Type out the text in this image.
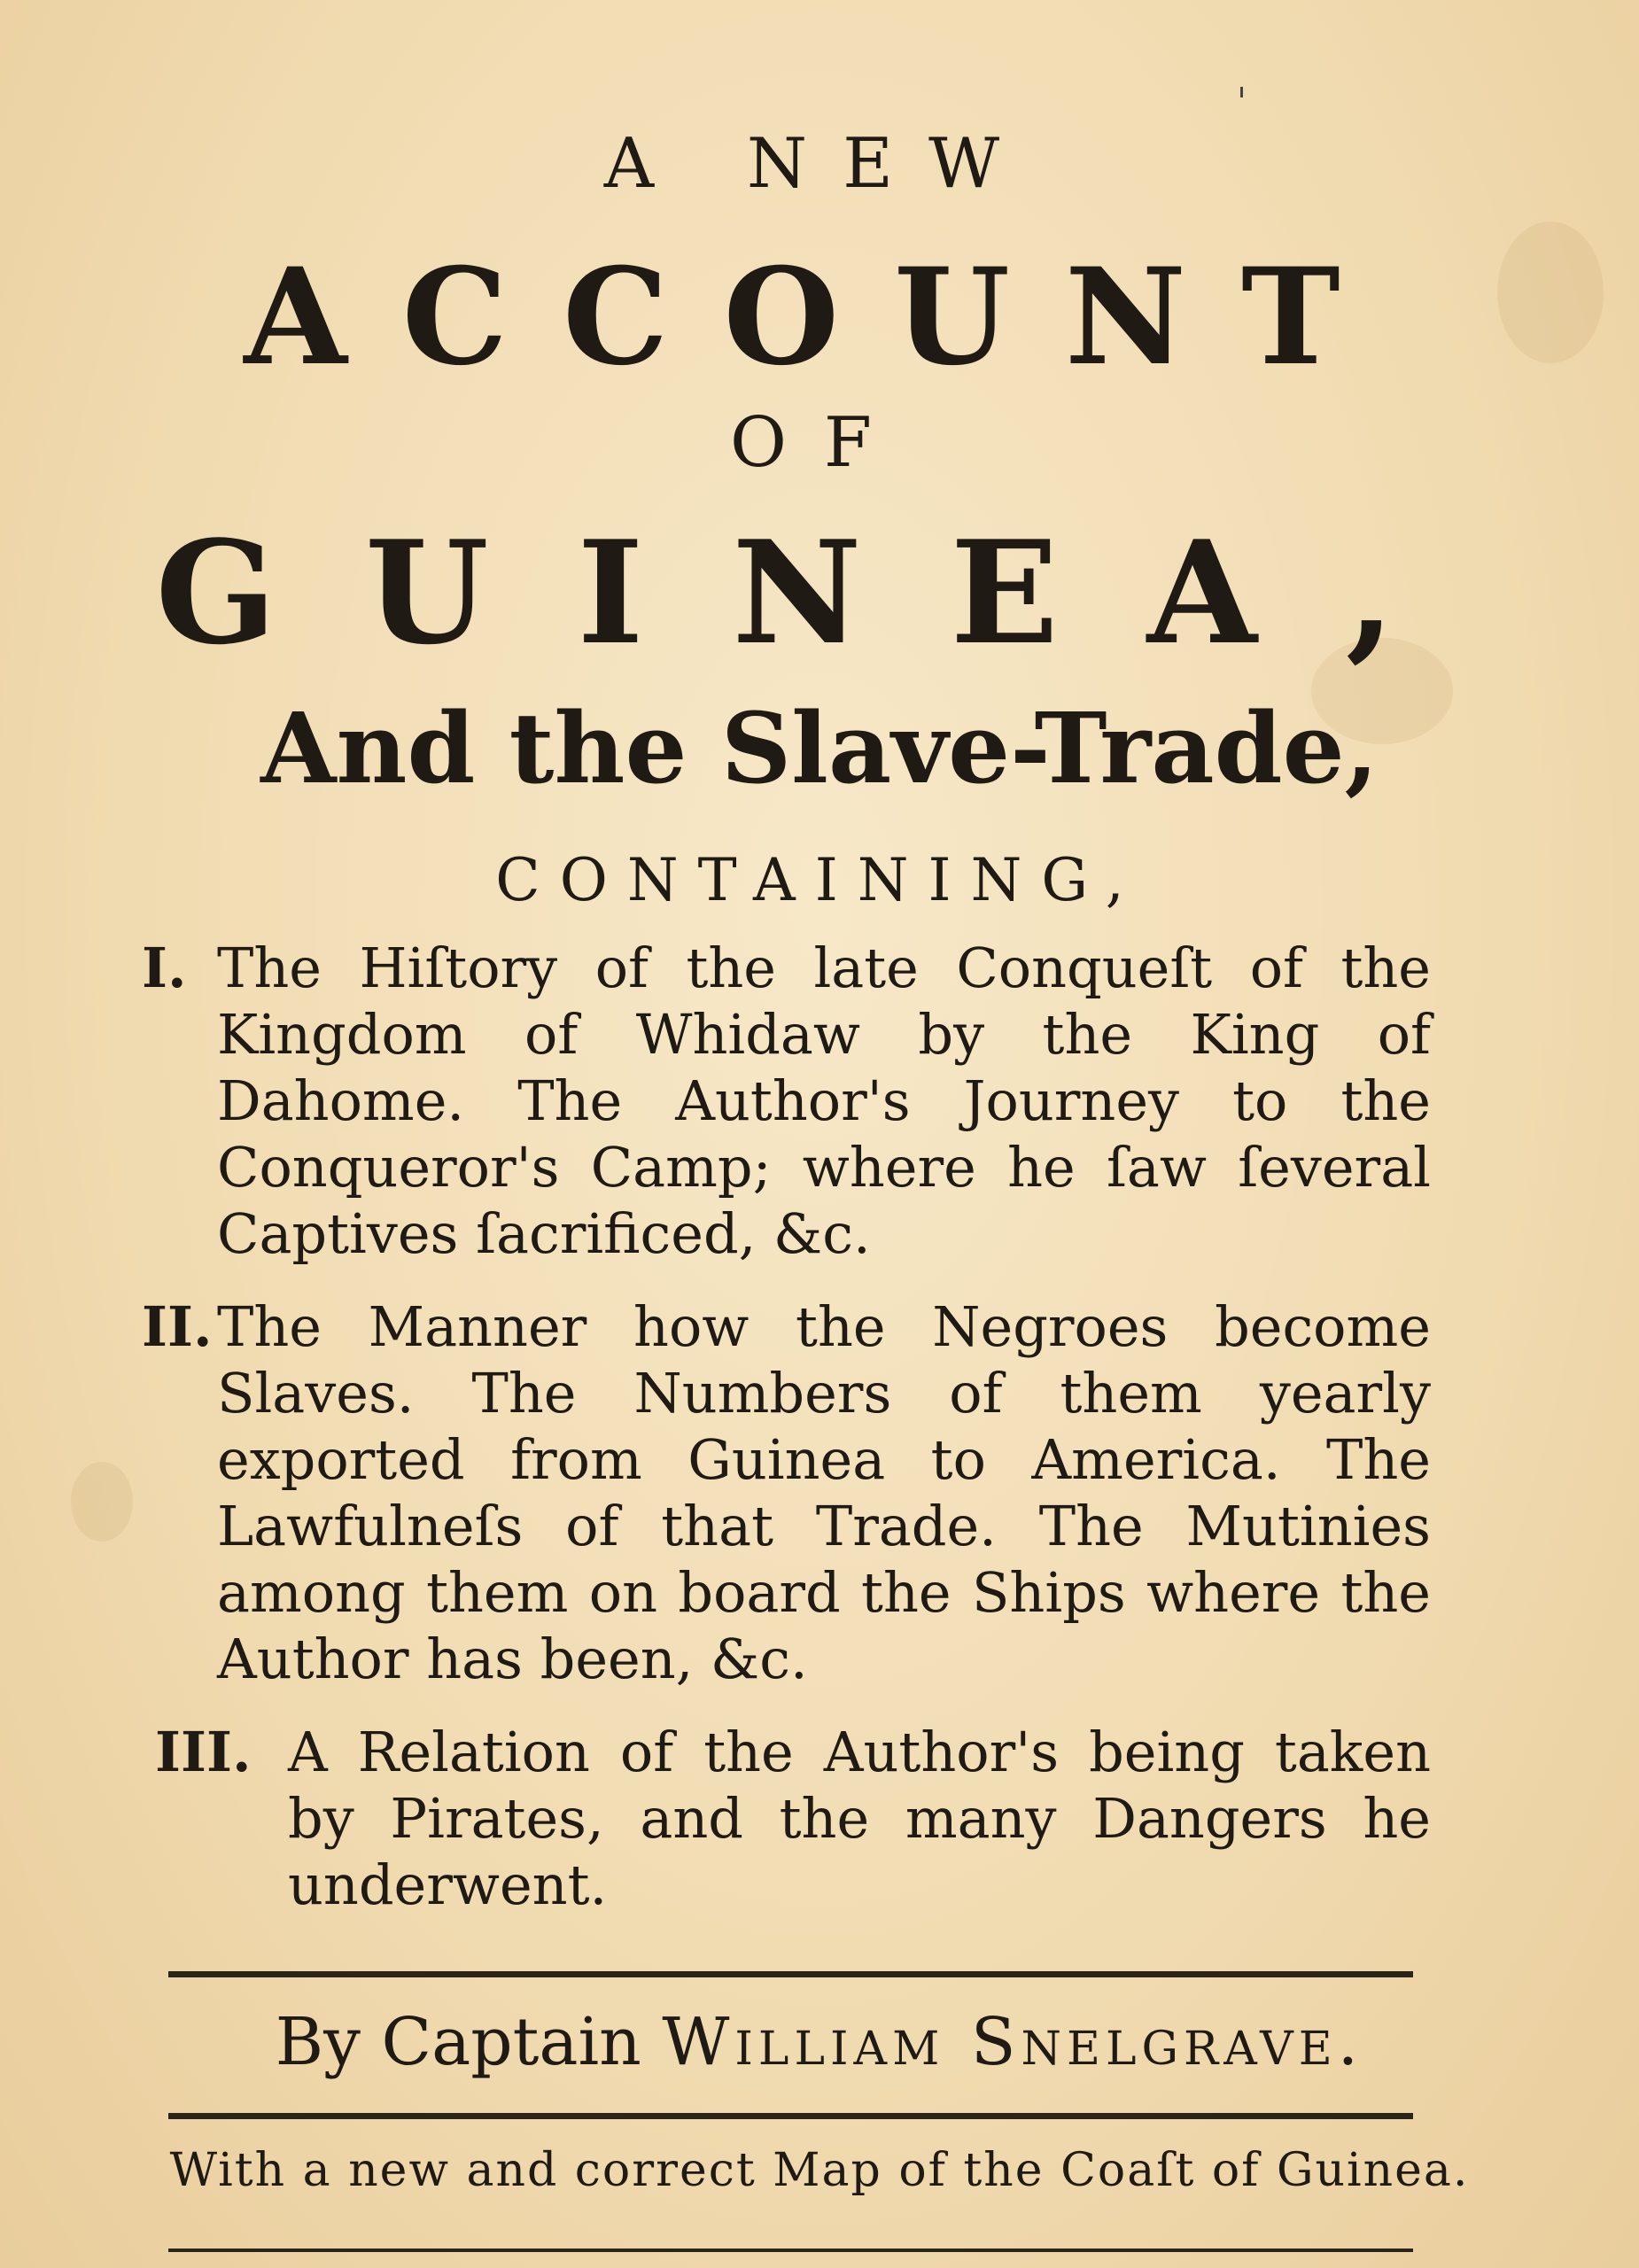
A NEW
ACCOUNT
OF
GUINEA,
And the Slave-Trade,
CONTAINING,
I. The Hiſtory of the late Conqueſt of the Kingdom of Whidaw by the King of Dahome. The Author's Journey to the Conqueror's Camp; where he ſaw ſeveral Captives ſacrificed, &c.
II. The Manner how the Negroes become Slaves. The Numbers of them yearly exported from Guinea to America. The Lawfulneſs of that Trade. The Mutinies among them on board the Ships where the Author has been, &c.
III. A Relation of the Author's being taken by Pirates, and the many Dangers he underwent.
By Captain William Snelgrave.
With a new and correct Map of the Coaſt of Guinea.
